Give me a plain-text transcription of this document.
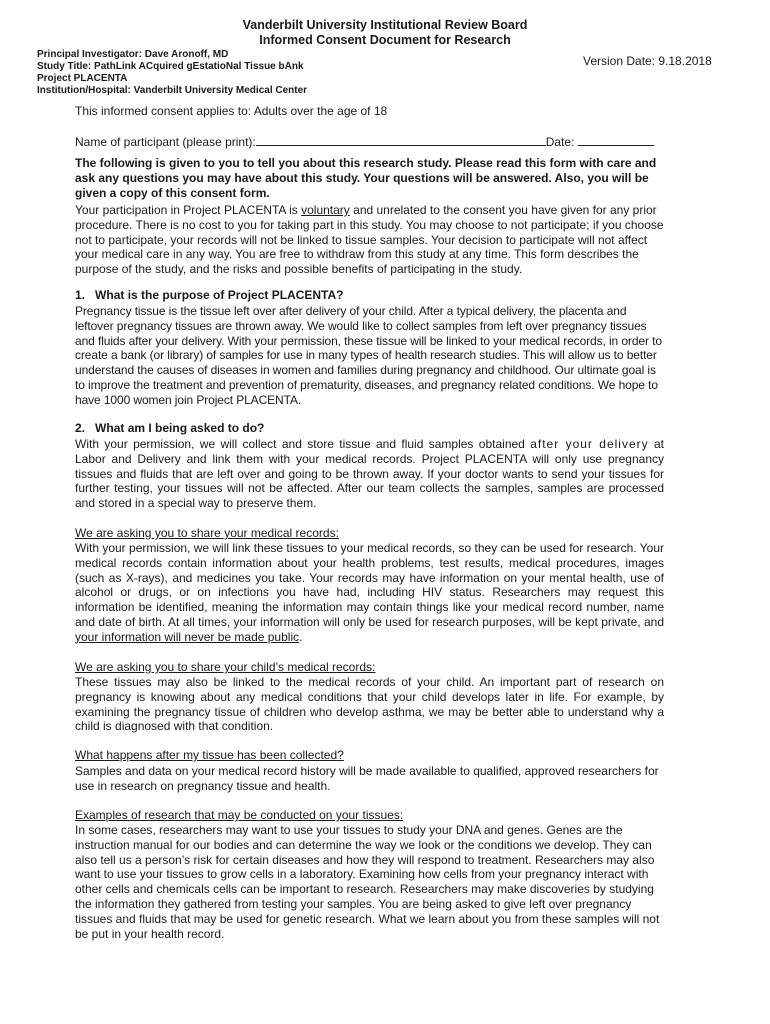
Vanderbilt University Institutional Review Board
Informed Consent Document for Research
Principal Investigator: Dave Aronoff, MD
Study Title: PathLink ACquired gEstatioNal Tissue bAnk
Project PLACENTA
Institution/Hospital: Vanderbilt University Medical Center
Version Date: 9.18.2018
This informed consent applies to: Adults over the age of 18
Name of participant (please print):	Date:
The following is given to you to tell you about this research study. Please read this form with care and ask any questions you may have about this study. Your questions will be answered. Also, you will be given a copy of this consent form.
Your participation in Project PLACENTA is voluntary and unrelated to the consent you have given for any prior procedure. There is no cost to you for taking part in this study. You may choose to not participate; if you choose not to participate, your records will not be linked to tissue samples. Your decision to participate will not affect your medical care in any way. You are free to withdraw from this study at any time. This form describes the purpose of the study, and the risks and possible benefits of participating in the study.
1. What is the purpose of Project PLACENTA?
Pregnancy tissue is the tissue left over after delivery of your child. After a typical delivery, the placenta and leftover pregnancy tissues are thrown away. We would like to collect samples from left over pregnancy tissues and fluids after your delivery. With your permission, these tissue will be linked to your medical records, in order to create a bank (or library) of samples for use in many types of health research studies. This will allow us to better understand the causes of diseases in women and families during pregnancy and childhood. Our ultimate goal is to improve the treatment and prevention of prematurity, diseases, and pregnancy related conditions. We hope to have 1000 women join Project PLACENTA.
2. What am I being asked to do?
With your permission, we will collect and store tissue and fluid samples obtained after your delivery at Labor and Delivery and link them with your medical records. Project PLACENTA will only use pregnancy tissues and fluids that are left over and going to be thrown away. If your doctor wants to send your tissues for further testing, your tissues will not be affected. After our team collects the samples, samples are processed and stored in a special way to preserve them.
We are asking you to share your medical records:
With your permission, we will link these tissues to your medical records, so they can be used for research. Your medical records contain information about your health problems, test results, medical procedures, images (such as X-rays), and medicines you take. Your records may have information on your mental health, use of alcohol or drugs, or on infections you have had, including HIV status. Researchers may request this information be identified, meaning the information may contain things like your medical record number, name and date of birth. At all times, your information will only be used for research purposes, will be kept private, and your information will never be made public.
We are asking you to share your child’s medical records:
These tissues may also be linked to the medical records of your child. An important part of research on pregnancy is knowing about any medical conditions that your child develops later in life. For example, by examining the pregnancy tissue of children who develop asthma, we may be better able to understand why a child is diagnosed with that condition.
What happens after my tissue has been collected?
Samples and data on your medical record history will be made available to qualified, approved researchers for use in research on pregnancy tissue and health.
Examples of research that may be conducted on your tissues:
In some cases, researchers may want to use your tissues to study your DNA and genes. Genes are the instruction manual for our bodies and can determine the way we look or the conditions we develop. They can also tell us a person’s risk for certain diseases and how they will respond to treatment. Researchers may also want to use your tissues to grow cells in a laboratory. Examining how cells from your pregnancy interact with other cells and chemicals cells can be important to research. Researchers may make discoveries by studying the information they gathered from testing your samples. You are being asked to give left over pregnancy tissues and fluids that may be used for genetic research. What we learn about you from these samples will not be put in your health record.
